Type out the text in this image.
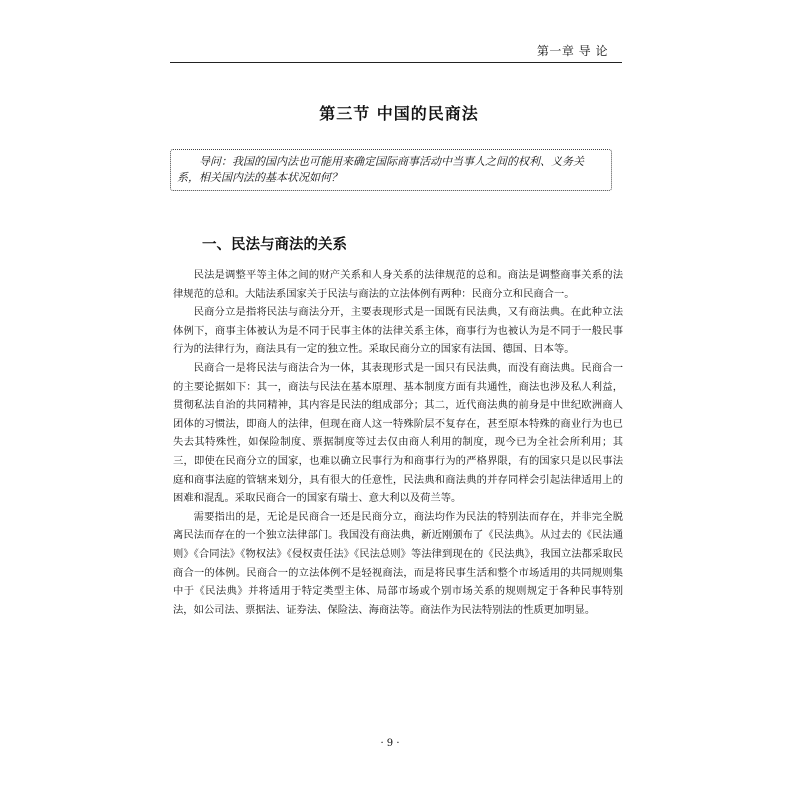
第一章 导 论
第三节 中国的民商法
导问：我国的国内法也可能用来确定国际商事活动中当事人之间的权利、义务关系，相关国内法的基本状况如何？
一、民法与商法的关系

民法是调整平等主体之间的财产关系和人身关系的法律规范的总和。商法是调整商事关系的法律规范的总和。大陆法系国家关于民法与商法的立法体例有两种：民商分立和民商合一。

民商分立是指将民法与商法分开，主要表现形式是一国既有民法典，又有商法典。在此种立法体例下，商事主体被认为是不同于民事主体的法律关系主体，商事行为也被认为是不同于一般民事行为的法律行为，商法具有一定的独立性。采取民商分立的国家有法国、德国、日本等。

民商合一是将民法与商法合为一体，其表现形式是一国只有民法典，而没有商法典。民商合一的主要论据如下：其一，商法与民法在基本原理、基本制度方面有共通性，商法也涉及私人利益，贯彻私法自治的共同精神，其内容是民法的组成部分；其二，近代商法典的前身是中世纪欧洲商人团体的习惯法，即商人的法律，但现在商人这一特殊阶层不复存在，甚至原本特殊的商业行为也已失去其特殊性，如保险制度、票据制度等过去仅由商人利用的制度，现今已为全社会所利用；其三，即使在民商分立的国家，也难以确立民事行为和商事行为的严格界限，有的国家只是以民事法庭和商事法庭的管辖来划分，具有很大的任意性，民法典和商法典的并存同样会引起法律适用上的困难和混乱。采取民商合一的国家有瑞士、意大利以及荷兰等。

需要指出的是，无论是民商合一还是民商分立，商法均作为民法的特别法而存在，并非完全脱离民法而存在的一个独立法律部门。我国没有商法典，新近刚颁布了《民法典》。从过去的《民法通则》《合同法》《物权法》《侵权责任法》《民法总则》等法律到现在的《民法典》，我国立法都采取民商合一的体例。民商合一的立法体例不是轻视商法，而是将民事生活和整个市场适用的共同规则集中于《民法典》并将适用于特定类型主体、局部市场或个别市场关系的规则规定于各种民事特别法，如公司法、票据法、证券法、保险法、海商法等。商法作为民法特别法的性质更加明显。

· 9 ·
